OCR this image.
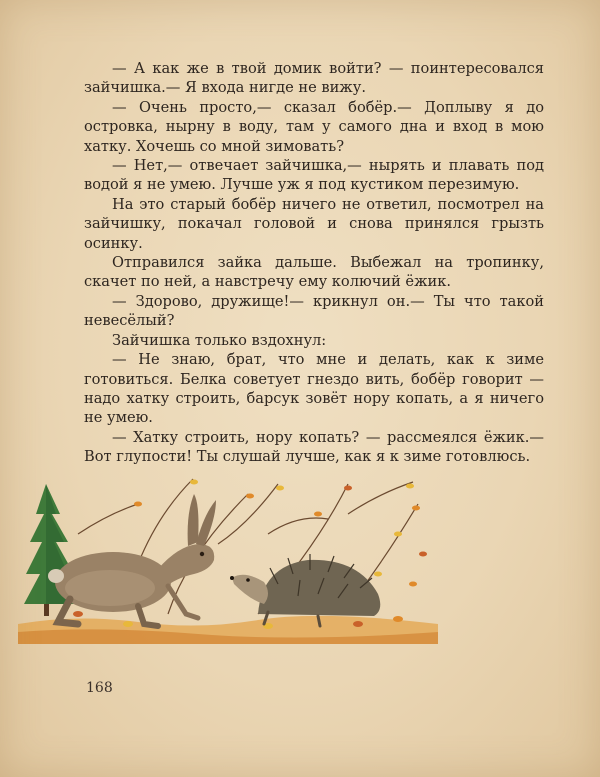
— А как же в твой домик войти? — поинтересовался зайчишка.— Я входа нигде не вижу.

— Очень просто,— сказал бобёр.— Доплыву я до островка, нырну в воду, там у самого дна и вход в мою хатку. Хочешь со мной зимовать?

— Нет,— отвечает зайчишка,— нырять и плавать под водой я не умею. Лучше уж я под кустиком перезимую.

На это старый бобёр ничего не ответил, посмотрел на зайчишку, покачал головой и снова принялся грызть осинку.

Отправился зайка дальше. Выбежал на тропинку, скачет по ней, а навстречу ему колючий ёжик.

— Здорово, дружище!— крикнул он.— Ты что такой невесёлый?

Зайчишка только вздохнул:

— Не знаю, брат, что мне и делать, как к зиме готовиться. Белка советует гнездо вить, бобёр говорит — надо хатку строить, барсук зовёт нору копать, а я ничего не умею.

— Хатку строить, нору копать? — рассмеялся ёжик.— Вот глупости! Ты слушай лучше, как я к зиме готовлюсь.

168
